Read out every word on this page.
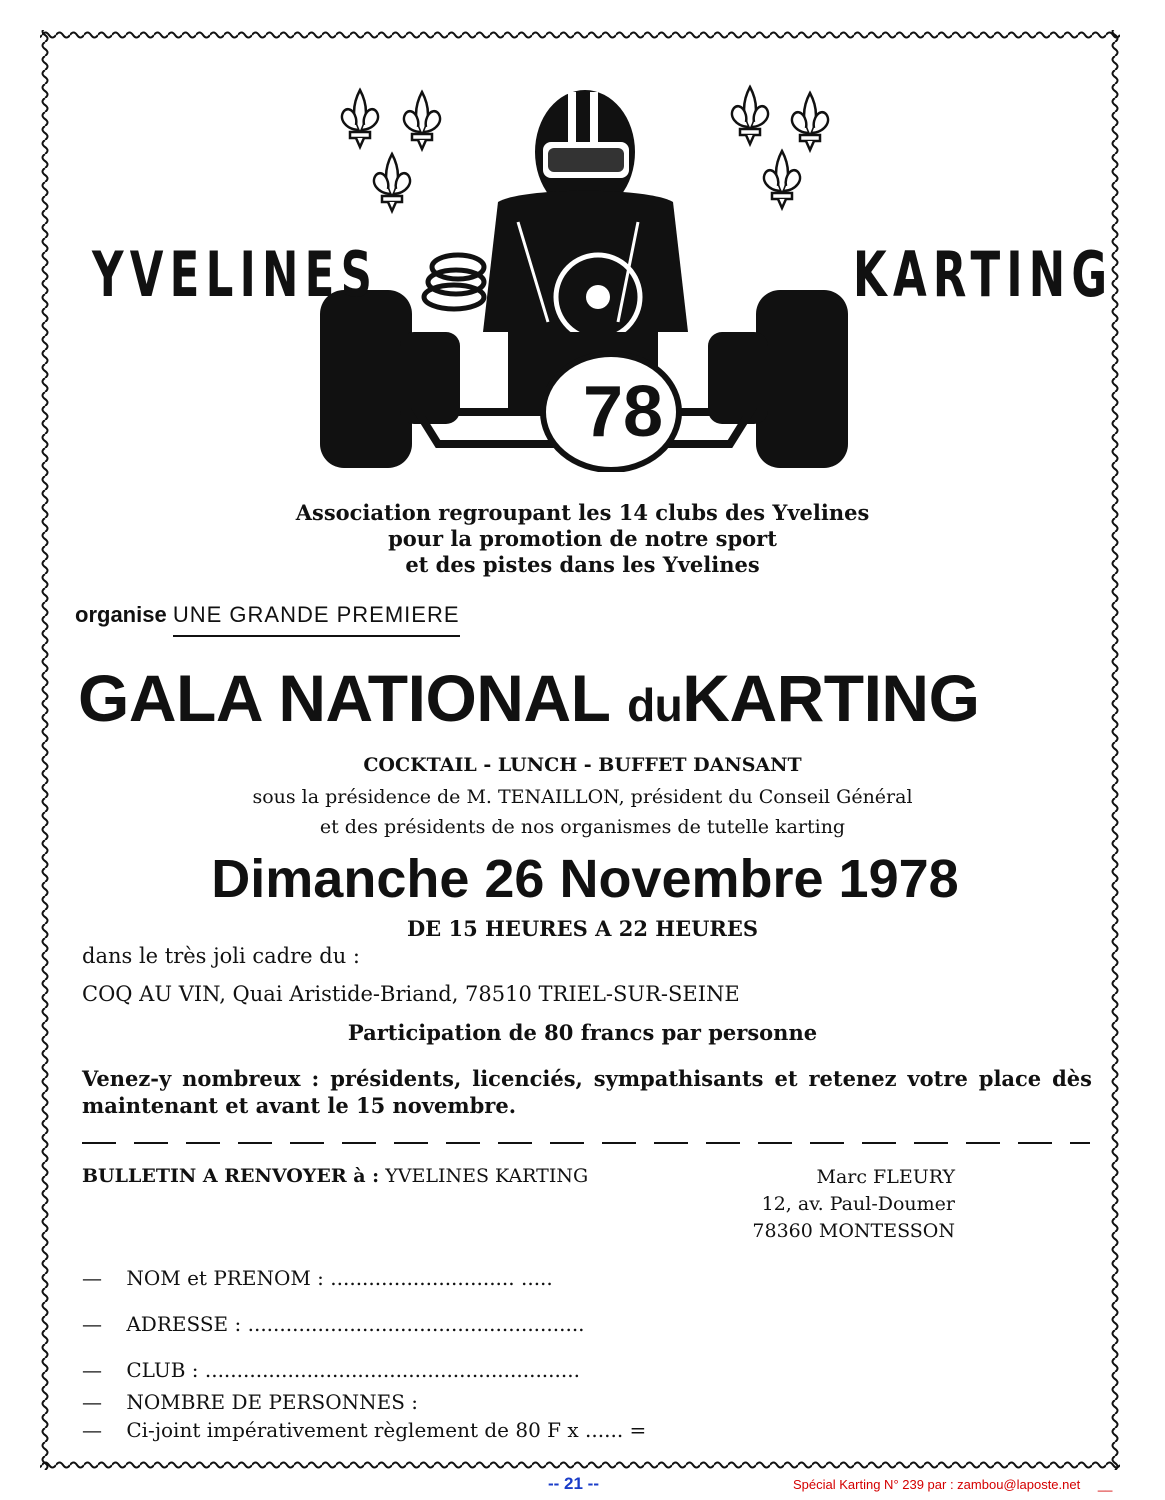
78
YVELINES	KARTING
Association regroupant les 14 clubs des Yvelines
pour la promotion de notre sport
et des pistes dans les Yvelines
organise UNE GRANDE PREMIERE
GALA NATIONAL duKARTING
COCKTAIL - LUNCH - BUFFET DANSANT
sous la présidence de M. TENAILLON, président du Conseil Général
et des présidents de nos organismes de tutelle karting
Dimanche 26 Novembre 1978
DE 15 HEURES A 22 HEURES
dans le très joli cadre du :
COQ AU VIN, Quai Aristide-Briand, 78510 TRIEL-SUR-SEINE
Participation de 80 francs par personne
Venez-y nombreux : présidents, licenciés, sympathisants et retenez votre place dès
maintenant et avant le 15 novembre.
BULLETIN A RENVOYER à : YVELINES KARTING	Marc FLEURY
12, av. Paul-Doumer
78360 MONTESSON
— NOM et PRENOM : ............................. .....
— ADRESSE : .....................................................
— CLUB : ...........................................................
— NOMBRE DE PERSONNES :
— Ci-joint impérativement règlement de 80 F x ...... =
-- 21 --	Spécial Karting N° 239 par : zambou@laposte.net __
